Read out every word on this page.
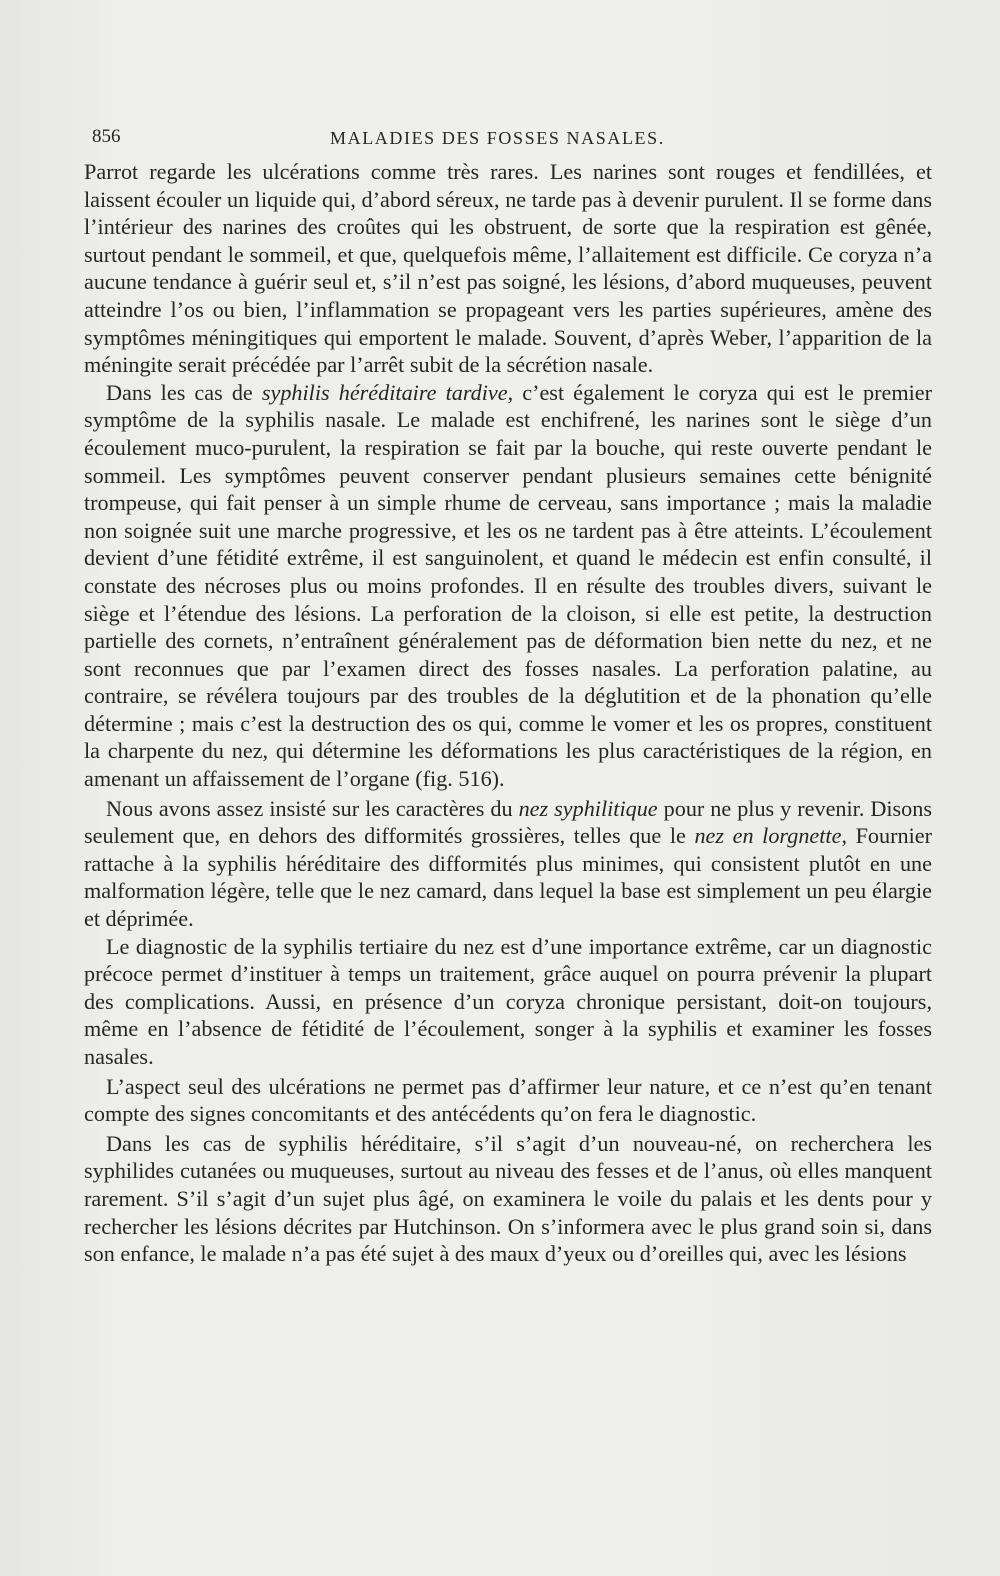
856	MALADIES DES FOSSES NASALES.

Parrot regarde les ulcérations comme très rares. Les narines sont rouges et fendillées, et laissent écouler un liquide qui, d’abord séreux, ne tarde pas à devenir purulent. Il se forme dans l’intérieur des narines des croûtes qui les obstruent, de sorte que la respiration est gênée, surtout pendant le sommeil, et que, quelquefois même, l’allaitement est difficile. Ce coryza n’a aucune tendance à guérir seul et, s’il n’est pas soigné, les lésions, d’abord muqueuses, peuvent atteindre l’os ou bien, l’inflammation se propageant vers les parties supérieures, amène des symptômes méningitiques qui emportent le malade. Souvent, d’après Weber, l’apparition de la méningite serait précédée par l’arrêt subit de la sécrétion nasale.

Dans les cas de syphilis héréditaire tardive, c’est également le coryza qui est le premier symptôme de la syphilis nasale. Le malade est enchifrené, les narines sont le siège d’un écoulement muco-purulent, la respiration se fait par la bouche, qui reste ouverte pendant le sommeil. Les symptômes peuvent conserver pendant plusieurs semaines cette bénignité trompeuse, qui fait penser à un simple rhume de cerveau, sans importance ; mais la maladie non soignée suit une marche progressive, et les os ne tardent pas à être atteints. L’écoulement devient d’une fétidité extrême, il est sanguinolent, et quand le médecin est enfin consulté, il constate des nécroses plus ou moins profondes. Il en résulte des troubles divers, suivant le siège et l’étendue des lésions. La perforation de la cloison, si elle est petite, la destruction partielle des cornets, n’entraînent généralement pas de déformation bien nette du nez, et ne sont reconnues que par l’examen direct des fosses nasales. La perforation palatine, au contraire, se révélera toujours par des troubles de la déglutition et de la phonation qu’elle détermine ; mais c’est la destruction des os qui, comme le vomer et les os propres, constituent la charpente du nez, qui détermine les déformations les plus caractéristiques de la région, en amenant un affaissement de l’organe (fig. 516).

Nous avons assez insisté sur les caractères du nez syphilitique pour ne plus y revenir. Disons seulement que, en dehors des difformités grossières, telles que le nez en lorgnette, Fournier rattache à la syphilis héréditaire des difformités plus minimes, qui consistent plutôt en une malformation légère, telle que le nez camard, dans lequel la base est simplement un peu élargie et déprimée.

Le diagnostic de la syphilis tertiaire du nez est d’une importance extrême, car un diagnostic précoce permet d’instituer à temps un traitement, grâce auquel on pourra prévenir la plupart des complications. Aussi, en présence d’un coryza chronique persistant, doit-on toujours, même en l’absence de fétidité de l’écoulement, songer à la syphilis et examiner les fosses nasales.

L’aspect seul des ulcérations ne permet pas d’affirmer leur nature, et ce n’est qu’en tenant compte des signes concomitants et des antécédents qu’on fera le diagnostic.

Dans les cas de syphilis héréditaire, s’il s’agit d’un nouveau-né, on recherchera les syphilides cutanées ou muqueuses, surtout au niveau des fesses et de l’anus, où elles manquent rarement. S’il s’agit d’un sujet plus âgé, on examinera le voile du palais et les dents pour y rechercher les lésions décrites par Hutchinson. On s’informera avec le plus grand soin si, dans son enfance, le malade n’a pas été sujet à des maux d’yeux ou d’oreilles qui, avec les lésions
